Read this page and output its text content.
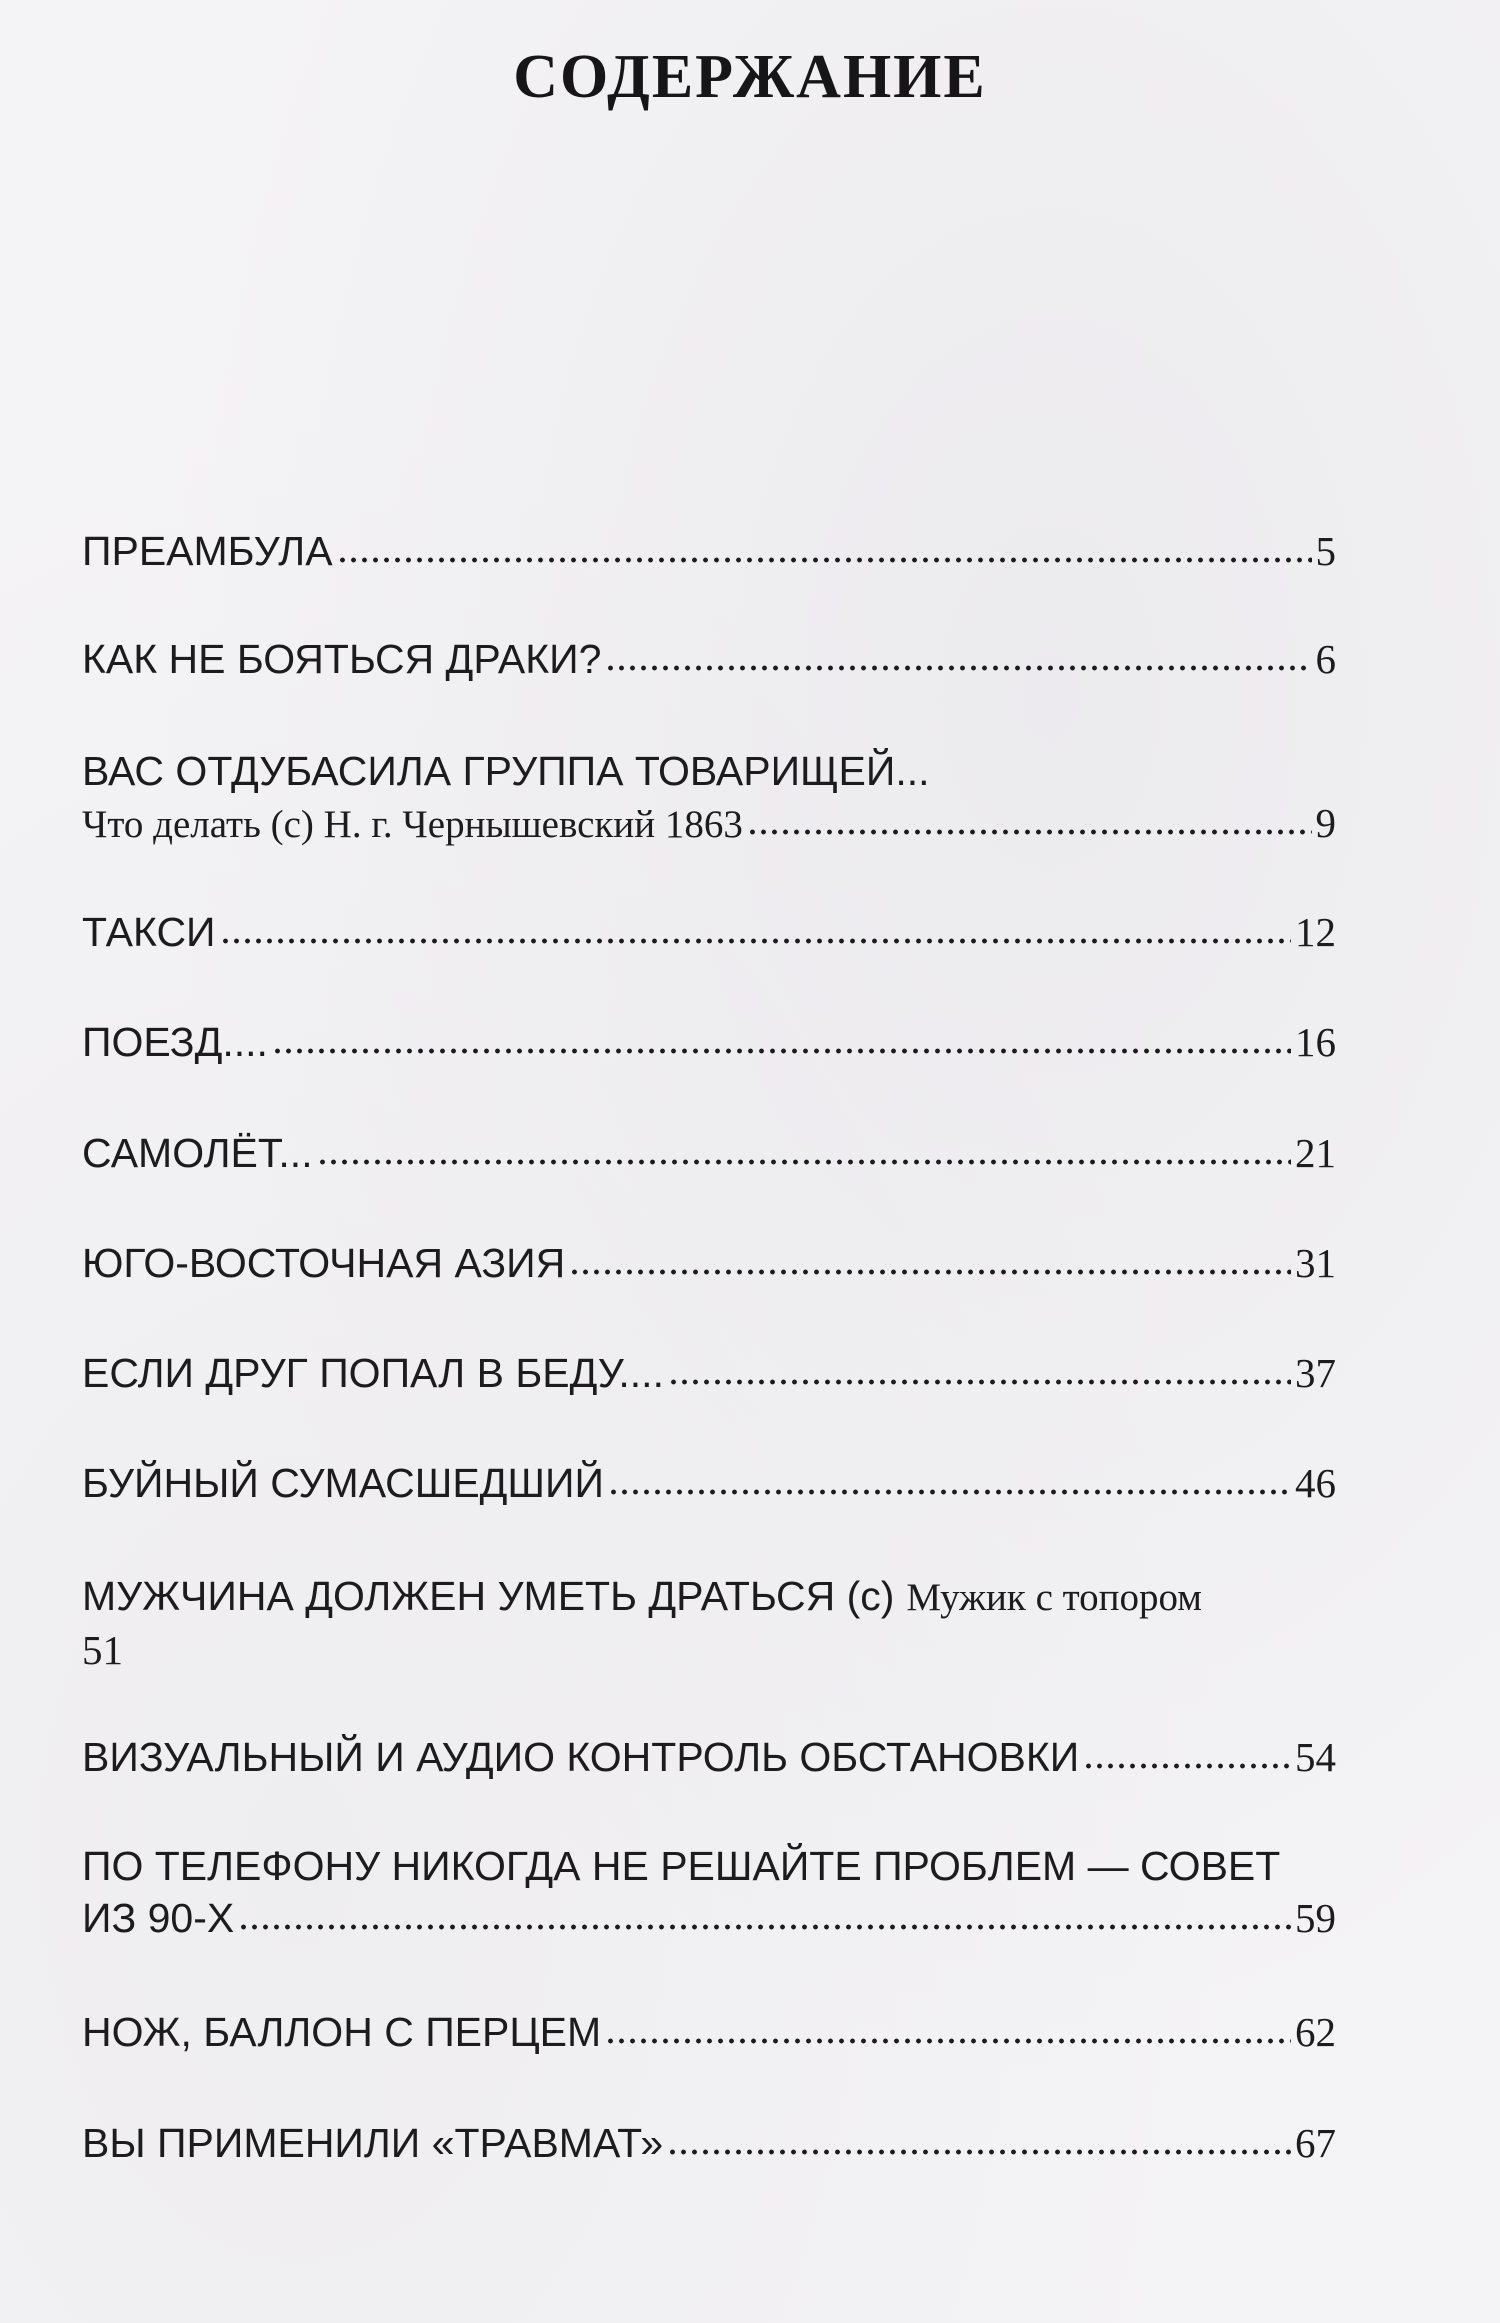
СОДЕРЖАНИЕ
ПРЕАМБУЛА	5
КАК НЕ БОЯТЬСЯ ДРАКИ?	6
ВАС ОТДУБАСИЛА ГРУППА ТОВАРИЩЕЙ...
Что делать (с) Н. г. Чернышевский 1863	9
ТАКСИ	12
ПОЕЗД....	16
САМОЛЁТ...	21
ЮГО-ВОСТОЧНАЯ АЗИЯ	31
ЕСЛИ ДРУГ ПОПАЛ В БЕДУ....	37
БУЙНЫЙ СУМАСШЕДШИЙ	46
МУЖЧИНА ДОЛЖЕН УМЕТЬ ДРАТЬСЯ (с) Мужик с топором
51
ВИЗУАЛЬНЫЙ И АУДИО КОНТРОЛЬ ОБСТАНОВКИ	54
ПО ТЕЛЕФОНУ НИКОГДА НЕ РЕШАЙТЕ ПРОБЛЕМ — СОВЕТ
ИЗ 90-Х	59
НОЖ, БАЛЛОН С ПЕРЦЕМ	62
ВЫ ПРИМЕНИЛИ «ТРАВМАТ»	67
